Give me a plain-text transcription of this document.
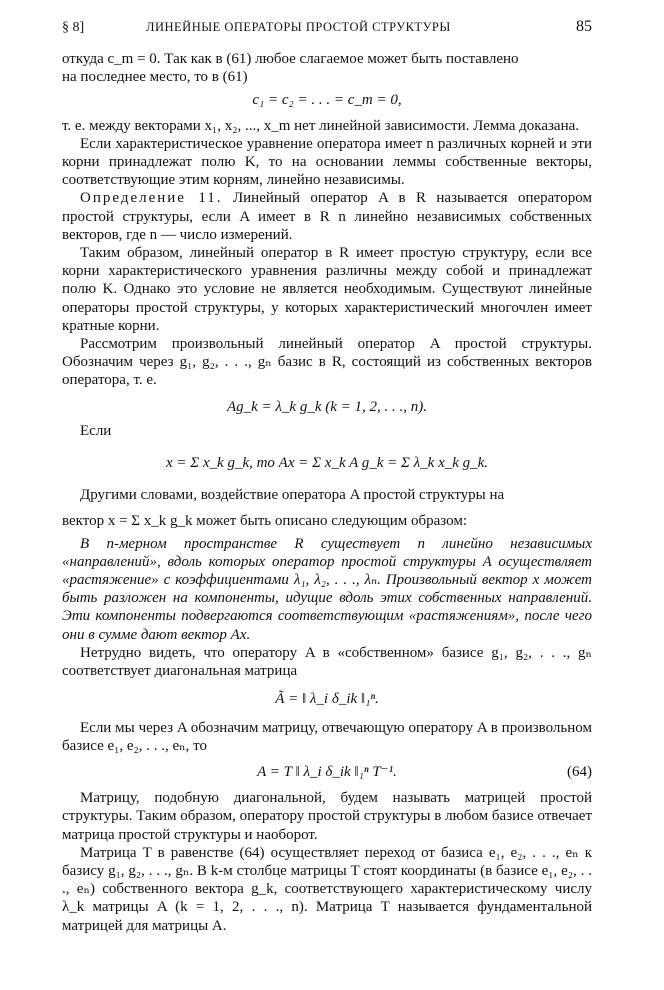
§ 8]	ЛИНЕЙНЫЕ ОПЕРАТОРЫ ПРОСТОЙ СТРУКТУРЫ	85

откуда c_m = 0. Так как в (61) любое слагаемое может быть поставлено

на последнее место, то в (61)

c₁ = c₂ = . . . = c_m = 0,

т. е. между векторами x₁, x₂, ..., x_m нет линейной зависимости. Лемма доказана.

Если характеристическое уравнение оператора имеет n различных корней и эти корни принадлежат полю K, то на основании леммы собственные векторы, соответствующие этим корням, линейно независимы.

Определение 11. Линейный оператор A в R называется оператором простой структуры, если A имеет в R n линейно независимых собственных векторов, где n — число измерений.

Таким образом, линейный оператор в R имеет простую структуру, если все корни характеристического уравнения различны между собой и принадлежат полю K. Однако это условие не является необходимым. Существуют линейные операторы простой структуры, у которых характеристический многочлен имеет кратные корни.

Рассмотрим произвольный линейный оператор A простой структуры. Обозначим через g₁, g₂, . . ., gₙ базис в R, состоящий из собственных векторов оператора, т. е.

Ag_k = λ_k g_k (k = 1, 2, . . ., n).

Если

x = Σ x_k g_k, то Ax = Σ x_k A g_k = Σ λ_k x_k g_k.

Другими словами, воздействие оператора A простой структуры на

вектор x = Σ x_k g_k может быть описано следующим образом:

В n-мерном пространстве R существует n линейно независимых «направлений», вдоль которых оператор простой структуры A осуществляет «растяжение» с коэффициентами λ₁, λ₂, . . ., λₙ. Произвольный вектор x может быть разложен на компоненты, идущие вдоль этих собственных направлений. Эти компоненты подвергаются соответствующим «растяжениям», после чего они в сумме дают вектор Ax.

Нетрудно видеть, что оператору A в «собственном» базисе g₁, g₂, . . ., gₙ соответствует диагональная матрица

Ã = ‖ λ_i δ_ik ‖₁ⁿ.

Если мы через A обозначим матрицу, отвечающую оператору A в произвольном базисе e₁, e₂, . . ., eₙ, то

A = T ‖ λ_i δ_ik ‖₁ⁿ T⁻¹.	(64)

Матрицу, подобную диагональной, будем называть матрицей простой структуры. Таким образом, оператору простой структуры в любом базисе отвечает матрица простой структуры и наоборот.

Матрица T в равенстве (64) осуществляет переход от базиса e₁, e₂, . . ., eₙ к базису g₁, g₂, . . ., gₙ. В k-м столбце матрицы T стоят координаты (в базисе e₁, e₂, . . ., eₙ) собственного вектора g_k, соответствующего характеристическому числу λ_k матрицы A (k = 1, 2, . . ., n). Матрица T называется фундаментальной матрицей для матрицы A.
